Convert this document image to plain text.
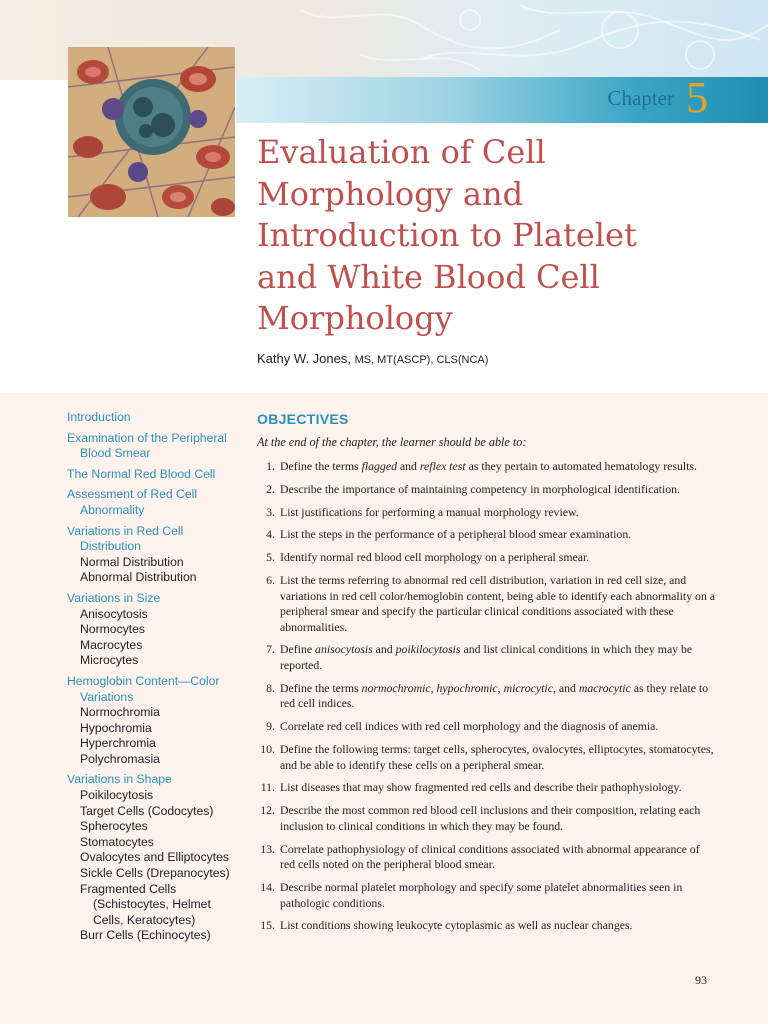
Chapter 5
Evaluation of Cell
Morphology and
Introduction to Platelet
and White Blood Cell
Morphology
Kathy W. Jones, MS, MT(ASCP), CLS(NCA)
Introduction
Examination of the Peripheral
Blood Smear
The Normal Red Blood Cell
Assessment of Red Cell
Abnormality
Variations in Red Cell
Distribution
Normal Distribution
Abnormal Distribution
Variations in Size
Anisocytosis
Normocytes
Macrocytes
Microcytes
Hemoglobin Content—Color
Variations
Normochromia
Hypochromia
Hyperchromia
Polychromasia
Variations in Shape
Poikilocytosis
Target Cells (Codocytes)
Spherocytes
Stomatocytes
Ovalocytes and Elliptocytes
Sickle Cells (Drepanocytes)
Fragmented Cells
(Schistocytes, Helmet
Cells, Keratocytes)
Burr Cells (Echinocytes)
OBJECTIVES
At the end of the chapter, the learner should be able to:
1. Define the terms flagged and reflex test as they pertain to automated hematology results.
2. Describe the importance of maintaining competency in morphological identification.
3. List justifications for performing a manual morphology review.
4. List the steps in the performance of a peripheral blood smear examination.
5. Identify normal red blood cell morphology on a peripheral smear.
6. List the terms referring to abnormal red cell distribution, variation in red cell size, and variations in red cell color/hemoglobin content, being able to identify each abnormality on a peripheral smear and specify the particular clinical conditions associated with these abnormalities.
7. Define anisocytosis and poikilocytosis and list clinical conditions in which they may be reported.
8. Define the terms normochromic, hypochromic, microcytic, and macrocytic as they relate to red cell indices.
9. Correlate red cell indices with red cell morphology and the diagnosis of anemia.
10. Define the following terms: target cells, spherocytes, ovalocytes, elliptocytes, stomatocytes, and be able to identify these cells on a peripheral smear.
11. List diseases that may show fragmented red cells and describe their pathophysiology.
12. Describe the most common red blood cell inclusions and their composition, relating each inclusion to clinical conditions in which they may be found.
13. Correlate pathophysiology of clinical conditions associated with abnormal appearance of red cells noted on the peripheral blood smear.
14. Describe normal platelet morphology and specify some platelet abnormalities seen in pathologic conditions.
15. List conditions showing leukocyte cytoplasmic as well as nuclear changes.
93
